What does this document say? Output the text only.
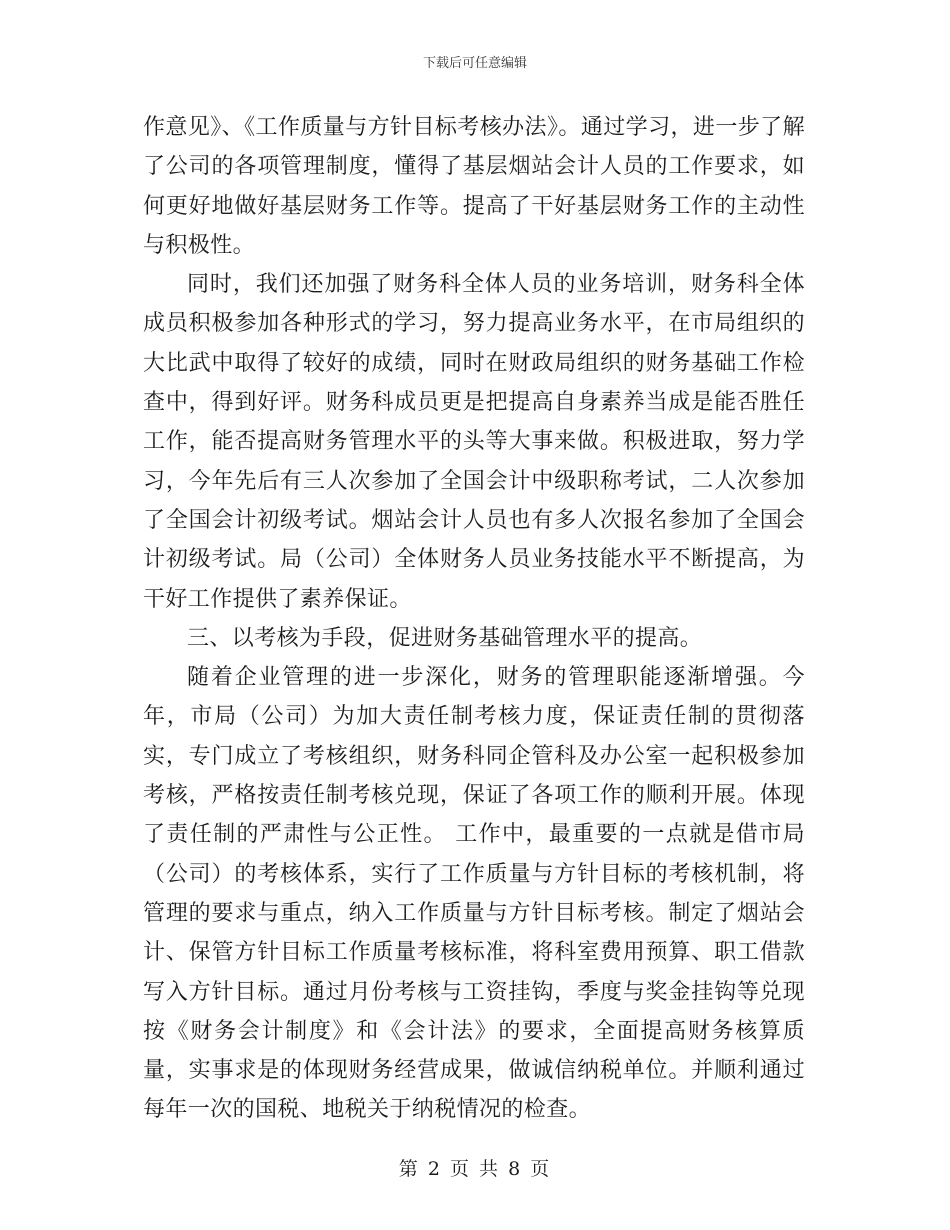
下载后可任意编辑

作意见》、《工作质量与方针目标考核办法》。通过学习，进一步了解了公司的各项管理制度，懂得了基层烟站会计人员的工作要求，如何更好地做好基层财务工作等。提高了干好基层财务工作的主动性与积极性。

同时，我们还加强了财务科全体人员的业务培训，财务科全体成员积极参加各种形式的学习，努力提高业务水平，在市局组织的大比武中取得了较好的成绩，同时在财政局组织的财务基础工作检查中，得到好评。财务科成员更是把提高自身素养当成是能否胜任工作，能否提高财务管理水平的头等大事来做。积极进取，努力学习，今年先后有三人次参加了全国会计中级职称考试，二人次参加了全国会计初级考试。烟站会计人员也有多人次报名参加了全国会计初级考试。局（公司）全体财务人员业务技能水平不断提高，为干好工作提供了素养保证。

三、以考核为手段，促进财务基础管理水平的提高。

随着企业管理的进一步深化，财务的管理职能逐渐增强。今年，市局（公司）为加大责任制考核力度，保证责任制的贯彻落实，专门成立了考核组织，财务科同企管科及办公室一起积极参加考核，严格按责任制考核兑现，保证了各项工作的顺利开展。体现了责任制的严肃性与公正性。 工作中，最重要的一点就是借市局（公司）的考核体系，实行了工作质量与方针目标的考核机制，将管理的要求与重点，纳入工作质量与方针目标考核。制定了烟站会计、保管方针目标工作质量考核标准，将科室费用预算、职工借款写入方针目标。通过月份考核与工资挂钩，季度与奖金挂钩等兑现按《财务会计制度》和《会计法》的要求，全面提高财务核算质量，实事求是的体现财务经营成果，做诚信纳税单位。并顺利通过每年一次的国税、地税关于纳税情况的检查。

第 2 页 共 8 页
